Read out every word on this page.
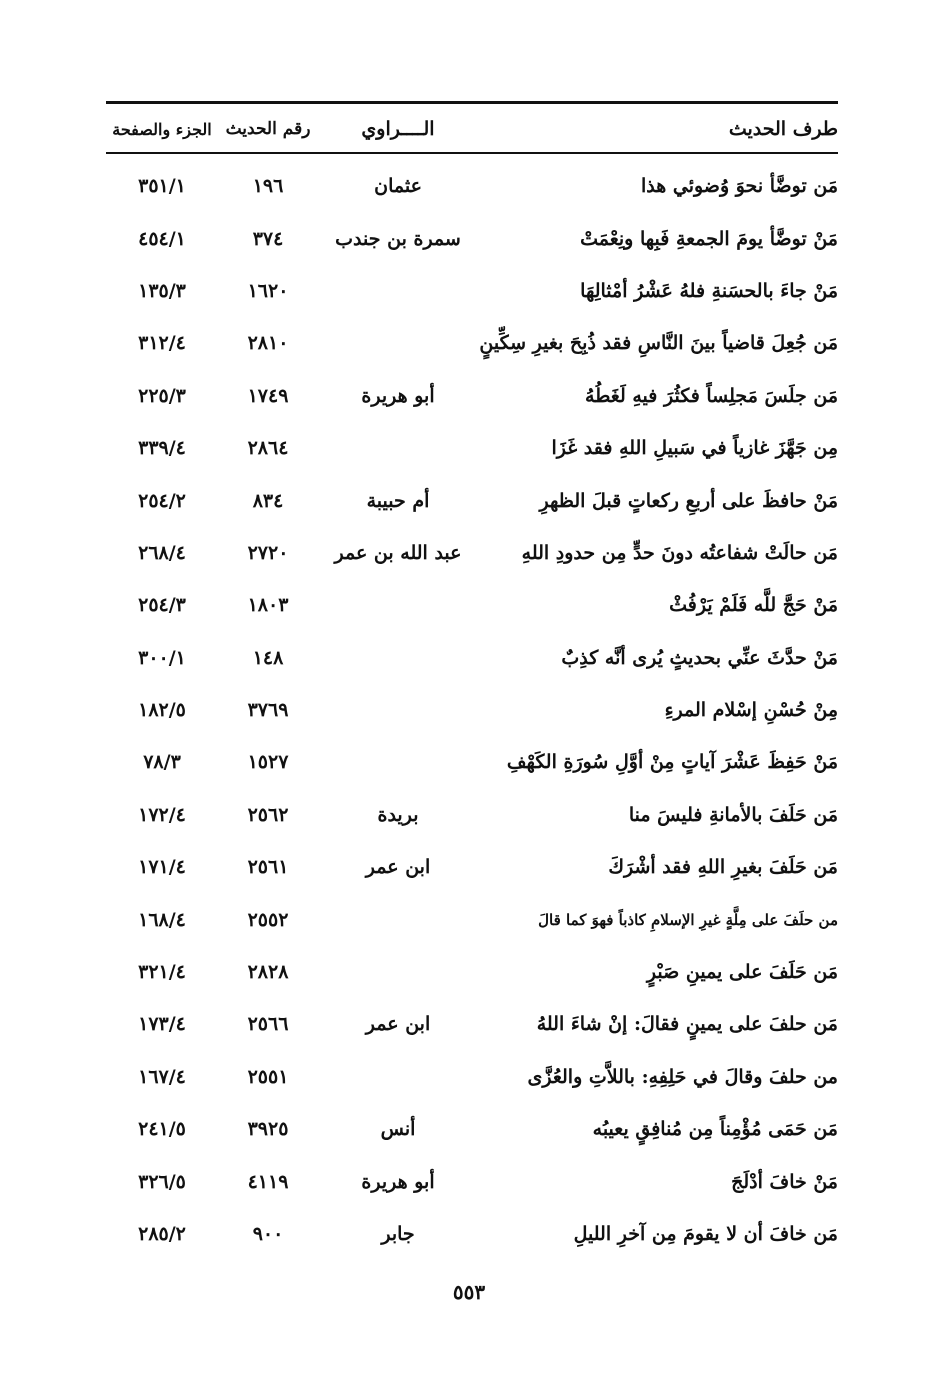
طرف الحديث
الــــراوي
رقم الحديث
الجزء والصفحة
مَن توضَّأ نحوَ وُضوئي هذا
عثمان
١٩٦
٣٥١/١
مَنْ توضَّأ يومَ الجمعةِ فَبِها ونِعْمَتْ
سمرة بن جندب
٣٧٤
٤٥٤/١
مَنْ جاءَ بالحسَنةِ فلهُ عَشْرُ أمْثالِهَا
١٦٢٠
١٣٥/٣
مَن جُعِلَ قاضياً بينَ النَّاسِ فقد ذُبِحَ بغيرِ سِكِّينٍ
٢٨١٠
٣١٢/٤
مَن جلَسَ مَجلِساً فكثُرَ فيهِ لَغَطُهُ
أبو هريرة
١٧٤٩
٢٢٥/٣
مِن جَهَّزَ غازياً في سَبيلِ اللهِ فقد غَزَا
٢٨٦٤
٣٣٩/٤
مَنْ حافظَ على أربعِ ركعاتٍ قبلَ الظهرِ
أم حبيبة
٨٣٤
٢٥٤/٢
مَن حالَتْ شفاعتُه دونَ حدٍّ مِن حدودِ اللهِ
عبد الله بن عمر
٢٧٢٠
٢٦٨/٤
مَنْ حَجَّ للَّه فَلَمْ يَرْفُثْ
١٨٠٣
٢٥٤/٣
مَنْ حدَّثَ عنِّي بحديثٍ يُرى أنَّه كذِبٌ
١٤٨
٣٠٠/١
مِنْ حُسْنِ إسْلام المرءِ
٣٧٦٩
١٨٢/٥
مَنْ حَفِظَ عَشْرَ آياتٍ مِنْ أوَّلِ سُورَةِ الكَهْفِ
١٥٢٧
٧٨/٣
مَن حَلَفَ بالأمانةِ فليسَ منا
بريدة
٢٥٦٢
١٧٢/٤
مَن حَلَفَ بغيرِ اللهِ فقد أشْرَكَ
ابن عمر
٢٥٦١
١٧١/٤
من حلَفَ على مِلَّةٍ غيرِ الإسلامِ كاذباً فهوَ كما قالَ
٢٥٥٢
١٦٨/٤
مَن حَلَفَ على يمينِ صَبْرٍ
٢٨٢٨
٣٢١/٤
مَن حلفَ على يمينٍ فقالَ: إنْ شاءَ اللهُ
ابن عمر
٢٥٦٦
١٧٣/٤
من حلفَ وقالَ في حَلِفِهِ: باللاَّتِ والعُزَّى
٢٥٥١
١٦٧/٤
مَن حَمَى مُؤْمِناً مِن مُنافِقٍ يعيبُه
أنس
٣٩٢٥
٢٤١/٥
مَنْ خافَ أدْلَجَ
أبو هريرة
٤١١٩
٣٢٦/٥
مَن خافَ أن لا يقومَ مِن آخرِ الليلِ
جابر
٩٠٠
٢٨٥/٢
٥٥٣
